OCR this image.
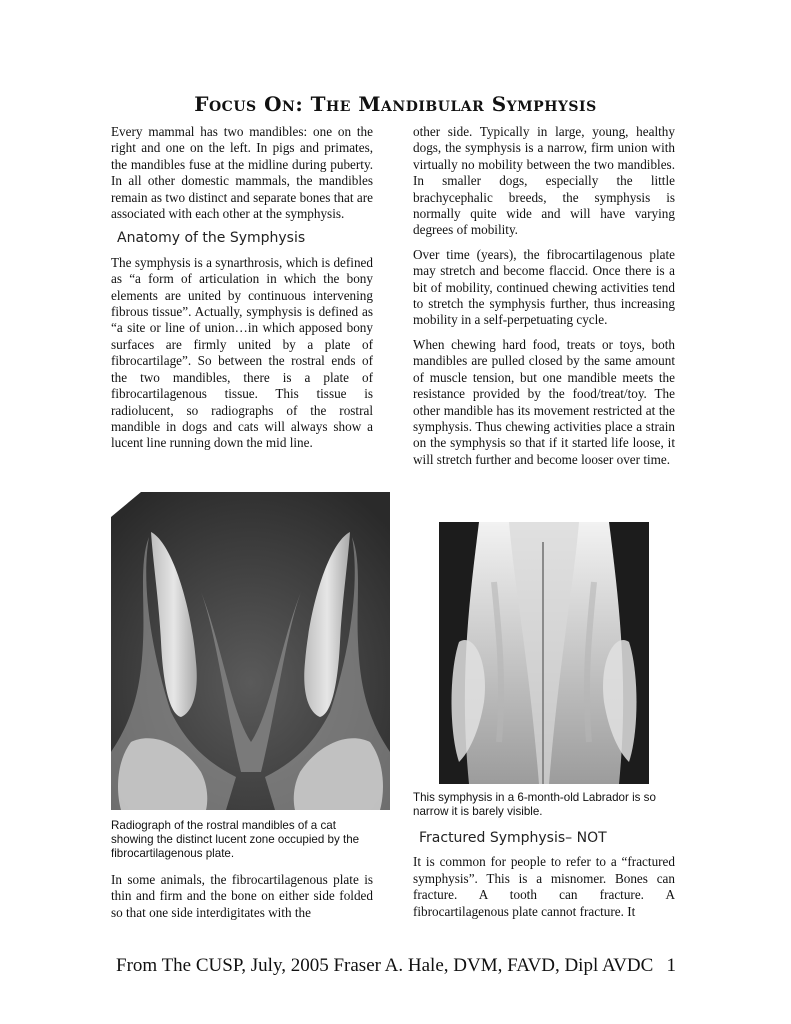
Focus On: The Mandibular Symphysis

Every mammal has two mandibles: one on the right and one on the left. In pigs and primates, the mandibles fuse at the midline during puberty. In all other domestic mammals, the mandibles remain as two distinct and separate bones that are associated with each other at the symphysis.

Anatomy of the Symphysis

The symphysis is a synarthrosis, which is defined as “a form of articulation in which the bony elements are united by continuous intervening fibrous tissue”. Actually, symphysis is defined as “a site or line of union…in which apposed bony surfaces are firmly united by a plate of fibrocartilage”. So between the rostral ends of the two mandibles, there is a plate of fibrocartilagenous tissue. This tissue is radiolucent, so radiographs of the rostral mandible in dogs and cats will always show a lucent line running down the mid line.

Radiograph of the rostral mandibles of a cat showing the distinct lucent zone occupied by the fibrocartilagenous plate.

In some animals, the fibrocartilagenous plate is thin and firm and the bone on either side folded so that one side interdigitates with the

other side. Typically in large, young, healthy dogs, the symphysis is a narrow, firm union with virtually no mobility between the two mandibles. In smaller dogs, especially the little brachycephalic breeds, the symphysis is normally quite wide and will have varying degrees of mobility.

Over time (years), the fibrocartilagenous plate may stretch and become flaccid. Once there is a bit of mobility, continued chewing activities tend to stretch the symphysis further, thus increasing mobility in a self-perpetuating cycle.

When chewing hard food, treats or toys, both mandibles are pulled closed by the same amount of muscle tension, but one mandible meets the resistance provided by the food/treat/toy. The other mandible has its movement restricted at the symphysis. Thus chewing activities place a strain on the symphysis so that if it started life loose, it will stretch further and become looser over time.

This symphysis in a 6-month-old Labrador is so narrow it is barely visible.

Fractured Symphysis– NOT

It is common for people to refer to a “fractured symphysis”. This is a misnomer. Bones can fracture. A tooth can fracture. A fibrocartilagenous plate cannot fracture. It

From The CUSP, July, 2005 Fraser A. Hale, DVM, FAVD, Dipl AVDC 1
